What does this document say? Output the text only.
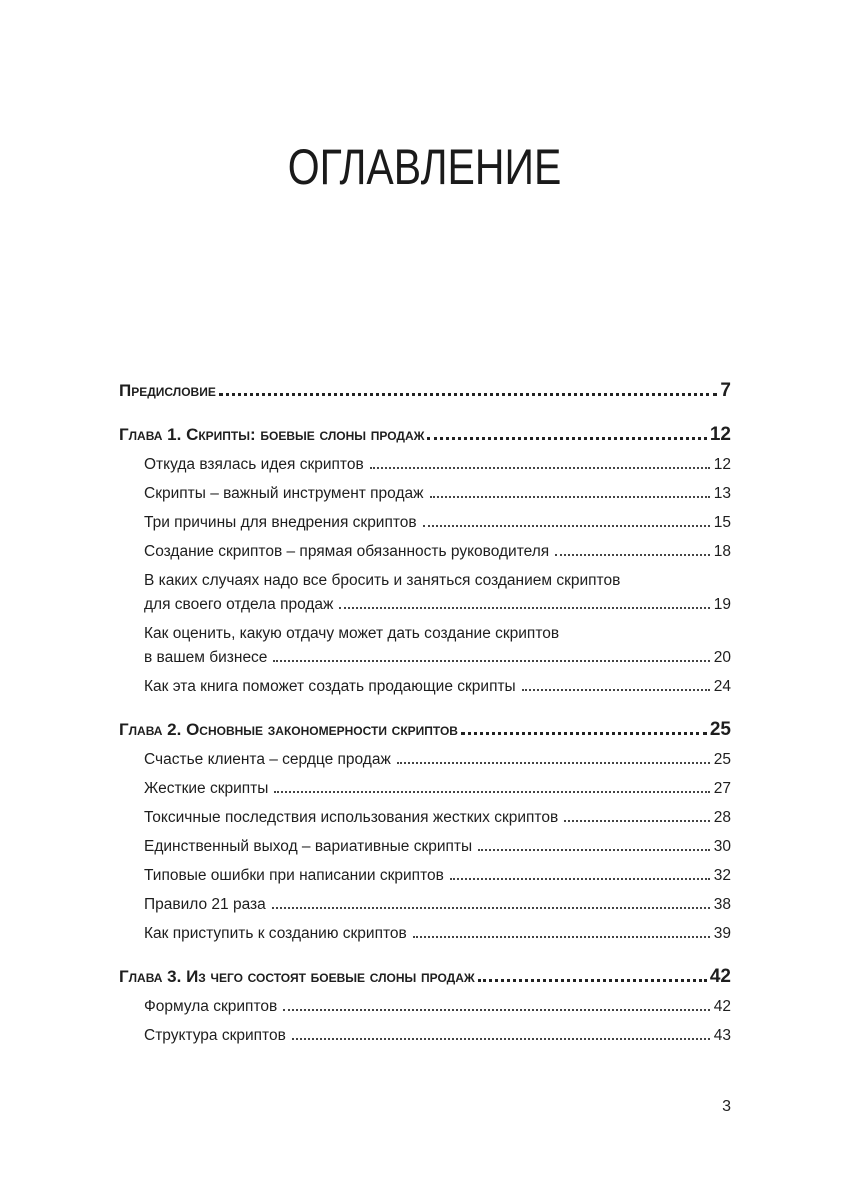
ОГЛАВЛЕНИЕ
Предисловие	7
Глава 1. Скрипты: боевые слоны продаж	12
Откуда взялась идея скриптов	12
Скрипты – важный инструмент продаж	13
Три причины для внедрения скриптов	15
Создание скриптов – прямая обязанность руководителя	18
В каких случаях надо все бросить и заняться созданием скриптов
для своего отдела продаж	19
Как оценить, какую отдачу может дать создание скриптов
в вашем бизнесе	20
Как эта книга поможет создать продающие скрипты	24
Глава 2. Основные закономерности скриптов	25
Счастье клиента – сердце продаж	25
Жесткие скрипты	27
Токсичные последствия использования жестких скриптов	28
Единственный выход – вариативные скрипты	30
Типовые ошибки при написании скриптов	32
Правило 21 раза	38
Как приступить к созданию скриптов	39
Глава 3. Из чего состоят боевые слоны продаж	42
Формула скриптов	42
Структура скриптов	43
3
